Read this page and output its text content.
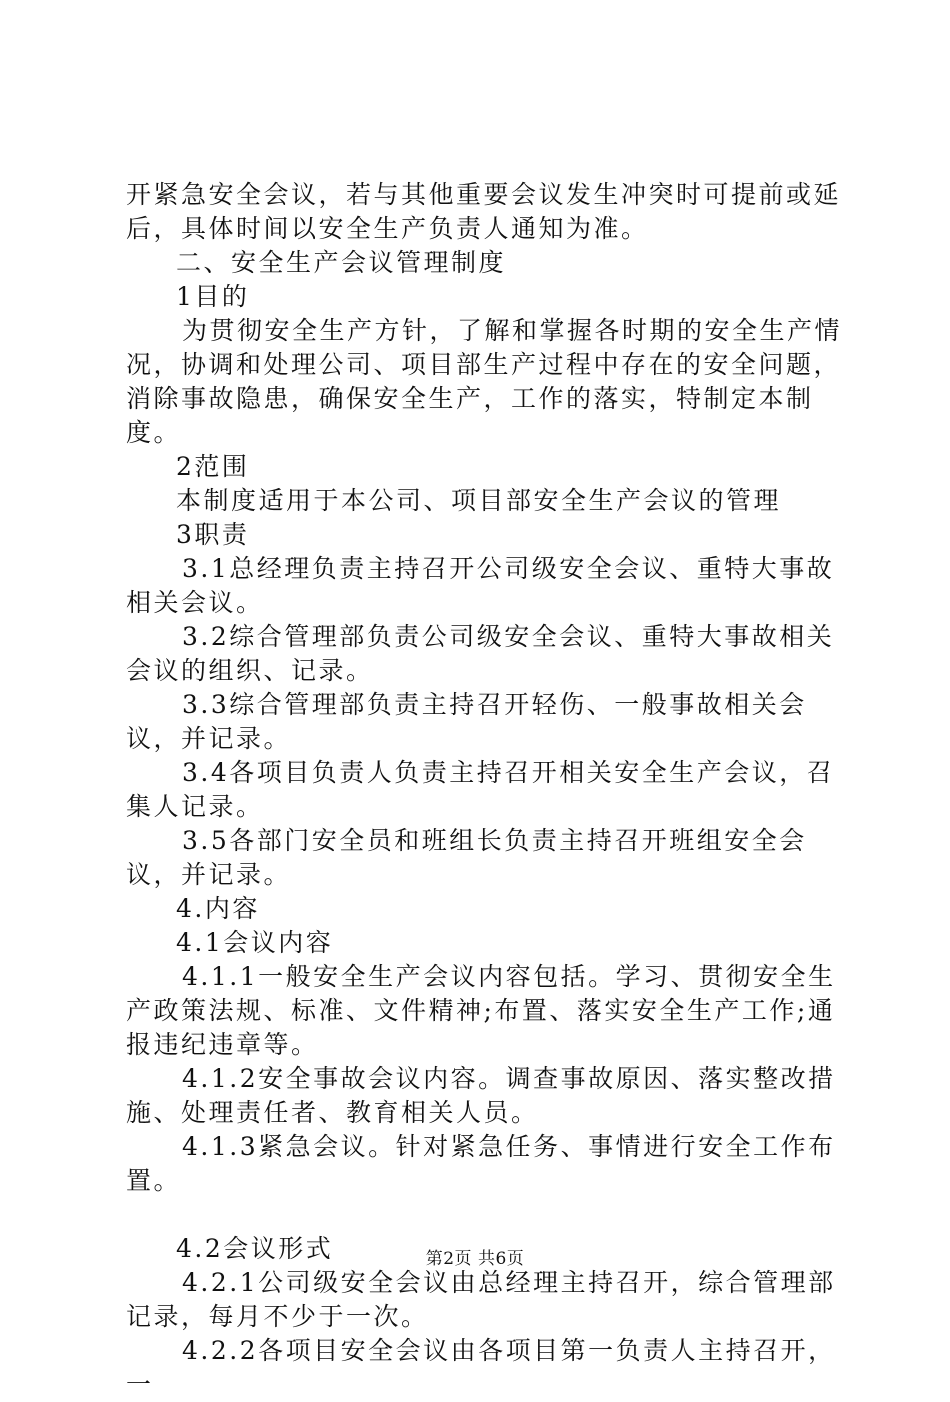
开紧急安全会议，若与其他重要会议发生冲突时可提前或延后，具体时间以安全生产负责人通知为准。

二、安全生产会议管理制度

1目的

为贯彻安全生产方针，了解和掌握各时期的安全生产情况，协调和处理公司、项目部生产过程中存在的安全问题，消除事故隐患，确保安全生产，工作的落实，特制定本制度。

2范围

本制度适用于本公司、项目部安全生产会议的管理

3职责

3.1总经理负责主持召开公司级安全会议、重特大事故相关会议。

3.2综合管理部负责公司级安全会议、重特大事故相关会议的组织、记录。

3.3综合管理部负责主持召开轻伤、一般事故相关会议，并记录。

3.4各项目负责人负责主持召开相关安全生产会议，召集人记录。

3.5各部门安全员和班组长负责主持召开班组安全会议，并记录。

4.内容

4.1会议内容

4.1.1一般安全生产会议内容包括。学习、贯彻安全生产政策法规、标准、文件精神;布置、落实安全生产工作;通报违纪违章等。

4.1.2安全事故会议内容。调查事故原因、落实整改措施、处理责任者、教育相关人员。

4.1.3紧急会议。针对紧急任务、事情进行安全工作布置。

4.2会议形式

4.2.1公司级安全会议由总经理主持召开，综合管理部记录，每月不少于一次。

4.2.2各项目安全会议由各项目第一负责人主持召开，一

第2页 共6页
